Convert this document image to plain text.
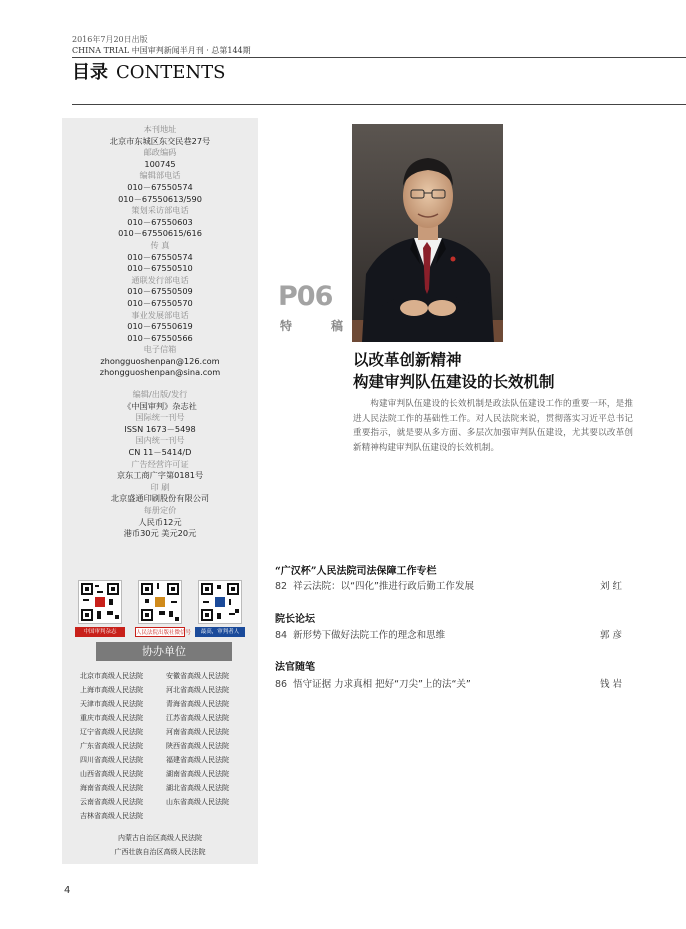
2016年7月20日出版
CHINA TRIAL 中国审判新闻半月刊 · 总第144期
目录 CONTENTS
本刊地址
北京市东城区东交民巷27号
邮政编码
100745
编辑部电话
010－67550574
010－67550613/590
策划采访部电话
010－67550603
010－67550615/616
传 真
010－67550574
010－67550510
通联发行部电话
010－67550509
010－67550570
事业发展部电话
010－67550619
010－67550566
电子信箱
zhongguoshenpan@126.com
zhongguoshenpan@sina.com
编辑/出版/发行
《中国审判》杂志社
国际统一刊号
ISSN 1673－5498
国内统一刊号
CN 11－5414/D
广告经营许可证
京东工商广字第0181号
印 刷
北京盛通印刷股份有限公司
每册定价
人民币12元
港币30元 美元20元
中国审判杂志	人民法院出版社微信号	最高，审判者人
协办单位
北京市高级人民法院	安徽省高级人民法院
上海市高级人民法院	河北省高级人民法院
天津市高级人民法院	青海省高级人民法院
重庆市高级人民法院	江苏省高级人民法院
辽宁省高级人民法院	河南省高级人民法院
广东省高级人民法院	陕西省高级人民法院
四川省高级人民法院	福建省高级人民法院
山西省高级人民法院	湖南省高级人民法院
海南省高级人民法院	湖北省高级人民法院
云南省高级人民法院	山东省高级人民法院
吉林省高级人民法院
内蒙古自治区高级人民法院
广西壮族自治区高级人民法院
P06
特	稿
以改革创新精神
构建审判队伍建设的长效机制
构建审判队伍建设的长效机制是政法队伍建设工作的重要一环，是推进人民法院工作的基础性工作。对人民法院来说，贯彻落实习近平总书记重要指示，就是要从多方面、多层次加强审判队伍建设，尤其要以改革创新精神构建审判队伍建设的长效机制。
“广汉杯”人民法院司法保障工作专栏
82 祥云法院：以“四化”推进行政后勤工作发展	刘 红
院长论坛
84 新形势下做好法院工作的理念和思维	郭 彦
法官随笔
86 悟守证据 力求真相 把好“刀尖”上的法“关”	钱 岩
4
